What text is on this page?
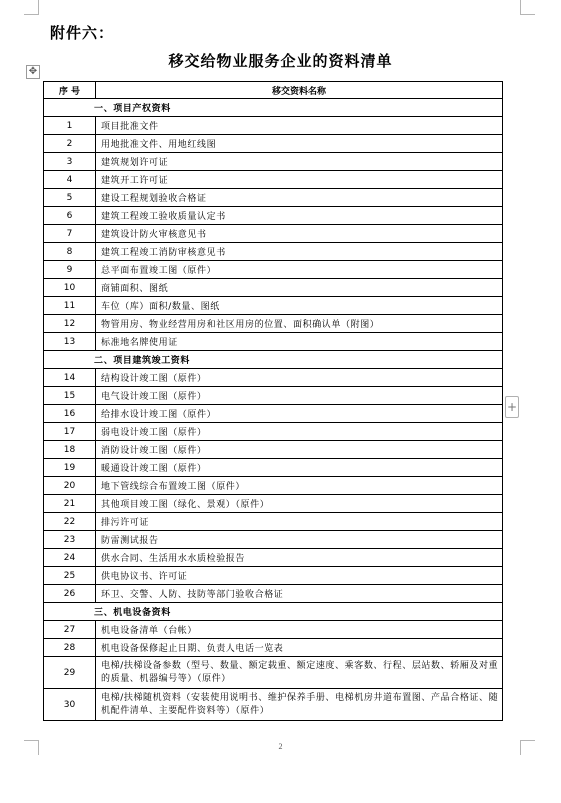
附件六：
移交给物业服务企业的资料清单
✥
+
序 号	移交资料名称
一、项目产权资料	
1	项目批准文件
2	用地批准文件、用地红线图
3	建筑规划许可证
4	建筑开工许可证
5	建设工程规划验收合格证
6	建筑工程竣工验收质量认定书
7	建筑设计防火审核意见书
8	建筑工程竣工消防审核意见书
9	总平面布置竣工图（原件）
10	商铺面积、图纸
11	车位（库）面积/数量、图纸
12	物管用房、物业经营用房和社区用房的位置、面积确认单（附图）
13	标准地名牌使用证
二、项目建筑竣工资料	
14	结构设计竣工图（原件）
15	电气设计竣工图（原件）
16	给排水设计竣工图（原件）
17	弱电设计竣工图（原件）
18	消防设计竣工图（原件）
19	暖通设计竣工图（原件）
20	地下管线综合布置竣工图（原件）
21	其他项目竣工图（绿化、景观）（原件）
22	排污许可证
23	防雷测试报告
24	供水合同、生活用水水质检验报告
25	供电协议书、许可证
26	环卫、交警、人防、技防等部门验收合格证
三、机电设备资料	
27	机电设备清单（台帐）
28	机电设备保修起止日期、负责人电话一览表
29	电梯/扶梯设备参数（型号、数量、额定载重、额定速度、乘客数、行程、层站数、轿厢及对重的质量、机器编号等）（原件）
30	电梯/扶梯随机资料（安装使用说明书、维护保养手册、电梯机房井道布置图、产品合格证、随机配件清单、主要配件资料等）（原件）
2
